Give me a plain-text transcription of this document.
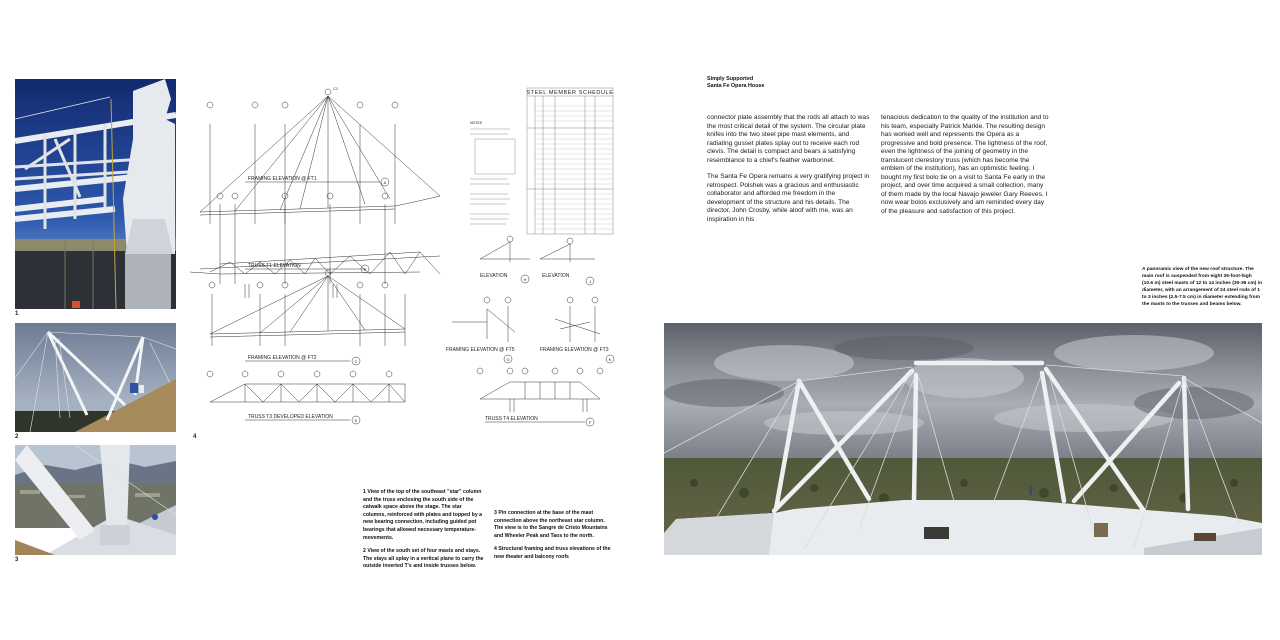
1
2
3
FRAMING ELEVATION @ FT1
A
C1
TRUSS T1 ELEVATION
B
FRAMING ELEVATION @ FT2
C
TRUSS T3 DEVELOPED ELEVATION
E
ELEVATION
H
ELEVATION
J
FRAMING ELEVATION @ FT5
G
FRAMING ELEVATION @ FT3
K
TRUSS T4 ELEVATION
F
STEEL MEMBER SCHEDULE
NOTES
4

1 View of the top of the southeast "star" column and the truss enclosing the south side of the catwalk space above the stage. The star columns, reinforced with plates and topped by a new bearing connection, including guided pot bearings that allowed necessary temperature-movements.

2 View of the south set of four masts and stays. The stays all splay in a vertical plane to carry the outside inverted T's and inside trusses below.

3 Pin connection at the base of the mast connection above the northeast star column. The view is to the Sangre de Cristo Mountains and Wheeler Peak and Taos to the north.

4 Structural framing and truss elevations of the new theater and balcony roofs

Simply Supported
Santa Fe Opera House

connector plate assembly that the rods all attach to was the most critical detail of the system. The circular plate knifes into the two steel pipe mast elements, and radiating gusset plates splay out to receive each rod clevis. The detail is compact and bears a satisfying resemblance to a chief's feather warbonnet.

The Santa Fe Opera remains a very gratifying project in retrospect. Polshek was a gracious and enthusiastic collaborator and afforded me freedom in the development of the structure and his details. The director, John Crosby, while aloof with me, was an inspiration in his

tenacious dedication to the quality of the institution and to his team, especially Patrick Markle. The resulting design has worked well and represents the Opera as a progressive and bold presence. The lightness of the roof, even the lightness of the joining of geometry in the translucent clerestory truss (which has become the emblem of the institution), has an optimistic feeling. I bought my first bolo tie on a visit to Santa Fe early in the project, and over time acquired a small collection, many of them made by the local Navajo jeweler Gary Reeves. I now wear bolos exclusively and am reminded every day of the pleasure and satisfaction of this project.

A panoramic view of the new roof structure. The main roof is suspended from eight 35-foot-high (10.6 m) steel masts of 12 to 14 inches (30-36 cm) in diameter, with an arrangement of 24 steel rods of 1 to 3 inches (2.5-7.5 cm) in diameter extending from the masts to the trusses and beams below.
